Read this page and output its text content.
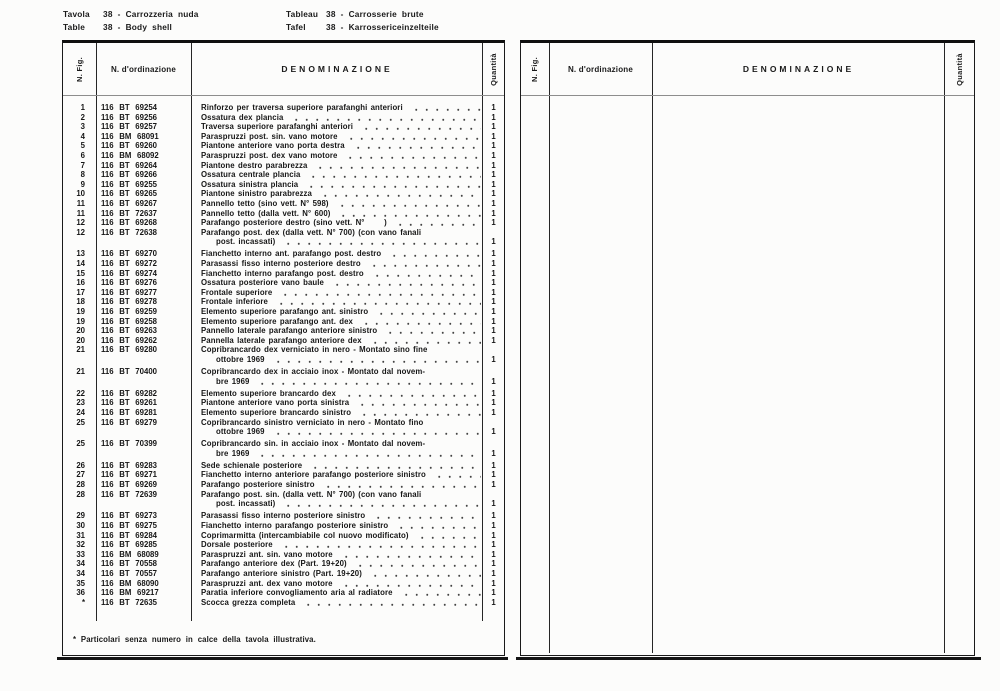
Tavola 38 - Carrozzeria nuda
Table 38 - Body shell
Tableau 38 - Carrosserie brute
Tafel 38 - Karrossericeinzelteile
N. Fig.	N. d'ordinazione	DENOMINAZIONE	Quantità
1	116 BT 69254	Rinforzo per traversa superiore parafanghi anteriori	1
2	116 BT 69256	Ossatura dex plancia	1
3	116 BT 69257	Traversa superiore parafanghi anteriori	1
4	116 BM 68091	Paraspruzzi post. sin. vano motore	1
5	116 BT 69260	Piantone anteriore vano porta destra	1
6	116 BM 68092	Paraspruzzi post. dex vano motore	1
7	116 BT 69264	Piantone destro parabrezza	1
8	116 BT 69266	Ossatura centrale plancia	1
9	116 BT 69255	Ossatura sinistra plancia	1
10	116 BT 69265	Piantone sinistro parabrezza	1
11	116 BT 69267	Pannello tetto (sino vett. N° 598)	1
11	116 BT 72637	Pannello tetto (dalla vett. N° 600)	1
12	116 BT 69268	Parafango posteriore destro (sino vett. N°      )	1
12	116 BT 72638	Parafango post. dex (dalla vett. N° 700) (con vano fanali
post. incassati)	1
13	116 BT 69270	Fianchetto interno ant. parafango post. destro	1
14	116 BT 69272	Parasassi fisso interno posteriore destro	1
15	116 BT 69274	Fianchetto interno parafango post. destro	1
16	116 BT 69276	Ossatura posteriore vano baule	1
17	116 BT 69277	Frontale superiore	1
18	116 BT 69278	Frontale inferiore	1
19	116 BT 69259	Elemento superiore parafango ant. sinistro	1
19	116 BT 69258	Elemento superiore parafango ant. dex	1
20	116 BT 69263	Pannello laterale parafango anteriore sinistro	1
20	116 BT 69262	Pannella laterale parafango anteriore dex	1
21	116 BT 69280	Copribrancardo dex verniciato in nero - Montato sino fine
ottobre 1969	1
21	116 BT 70400	Copribrancardo dex in acciaio inox - Montato dal novem-
bre 1969	1
22	116 BT 69282	Elemento superiore brancardo dex	1
23	116 BT 69261	Piantone anteriore vano porta sinistra	1
24	116 BT 69281	Elemento superiore brancardo sinistro	1
25	116 BT 69279	Copribrancardo sinistro verniciato in nero - Montato fino
ottobre 1969	1
25	116 BT 70399	Copribrancardo sin. in acciaio inox - Montato dal novem-
bre 1969	1
26	116 BT 69283	Sede schienale posteriore	1
27	116 BT 69271	Fianchetto interno anteriore parafango posteriore sinistro	1
28	116 BT 69269	Parafango posteriore sinistro	1
28	116 BT 72639	Parafango post. sin. (dalla vett. N° 700) (con vano fanali
post. incassati)	1
29	116 BT 69273	Parasassi fisso interno posteriore sinistro	1
30	116 BT 69275	Fianchetto interno parafango posteriore sinistro	1
31	116 BT 69284	Coprimarmitta (intercambiabile col nuovo modificato)	1
32	116 BT 69285	Dorsale posteriore	1
33	116 BM 68089	Paraspruzzi ant. sin. vano motore	1
34	116 BT 70558	Parafango anteriore dex (Part. 19+20)	1
34	116 BT 70557	Parafango anteriore sinistro (Part. 19+20)	1
35	116 BM 68090	Paraspruzzi ant. dex vano motore	1
36	116 BM 69217	Paratia inferiore convogliamento aria al radiatore	1
*	116 BT 72635	Scocca grezza completa	1
* Particolari senza numero in calce della tavola illustrativa.
N. Fig.	N. d'ordinazione	DENOMINAZIONE	Quantità
